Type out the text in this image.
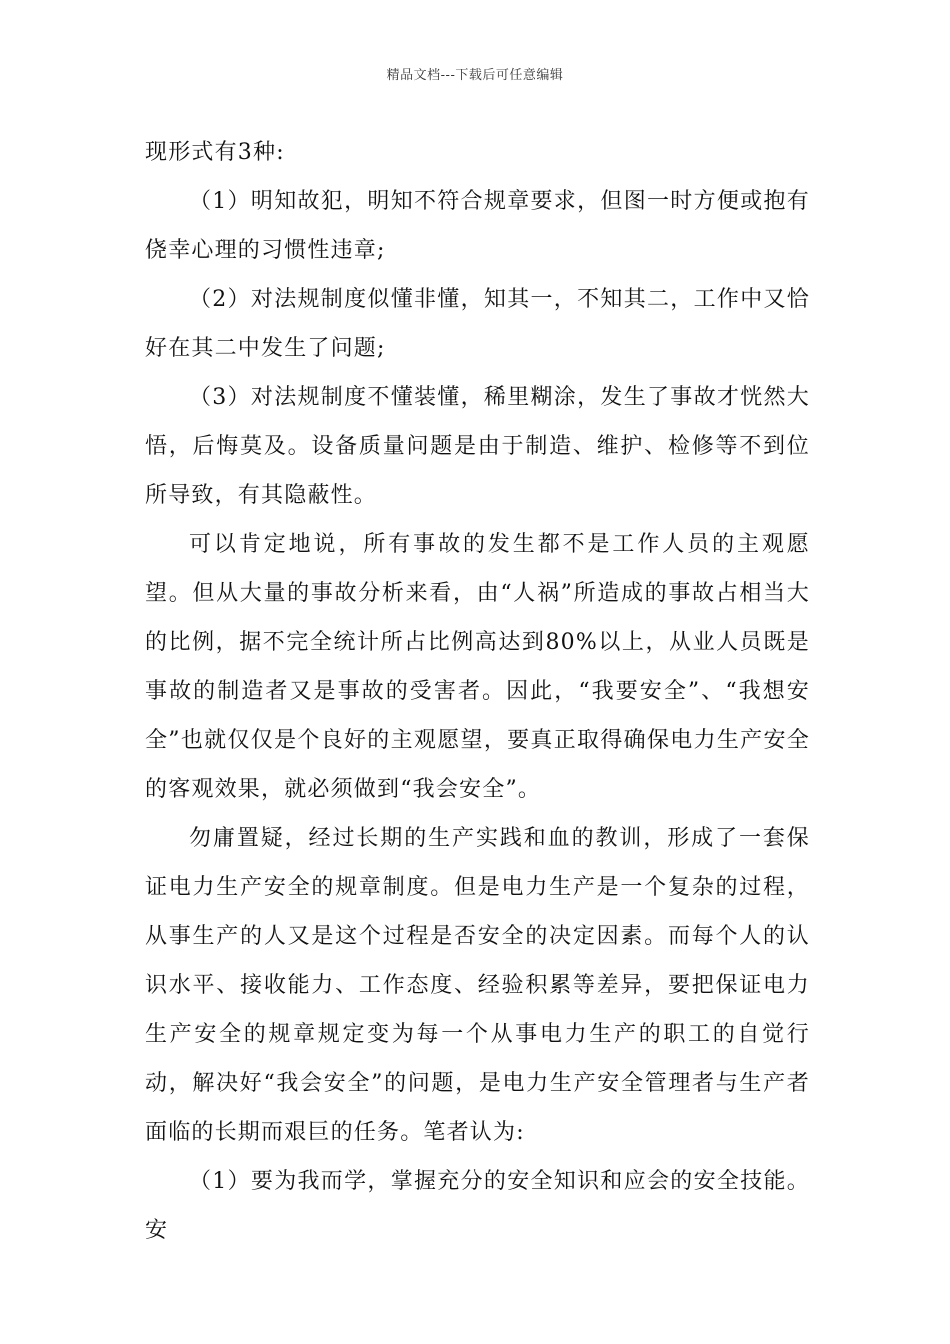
精品文档---下载后可任意编辑

现形式有3种:

（1）明知故犯，明知不符合规章要求，但图一时方便或抱有侥幸心理的习惯性违章;

（2）对法规制度似懂非懂，知其一，不知其二，工作中又恰好在其二中发生了问题;

（3）对法规制度不懂装懂，稀里糊涂，发生了事故才恍然大悟，后悔莫及。设备质量问题是由于制造、维护、检修等不到位所导致，有其隐蔽性。

可以肯定地说，所有事故的发生都不是工作人员的主观愿望。但从大量的事故分析来看，由“人祸”所造成的事故占相当大的比例，据不完全统计所占比例高达到80%以上，从业人员既是事故的制造者又是事故的受害者。因此，“我要安全”、“我想安全”也就仅仅是个良好的主观愿望，要真正取得确保电力生产安全的客观效果，就必须做到“我会安全”。

勿庸置疑，经过长期的生产实践和血的教训，形成了一套保证电力生产安全的规章制度。但是电力生产是一个复杂的过程，从事生产的人又是这个过程是否安全的决定因素。而每个人的认识水平、接收能力、工作态度、经验积累等差异，要把保证电力生产安全的规章规定变为每一个从事电力生产的职工的自觉行动，解决好“我会安全”的问题，是电力生产安全管理者与生产者面临的长期而艰巨的任务。笔者认为:

（1）要为我而学，掌握充分的安全知识和应会的安全技能。安
